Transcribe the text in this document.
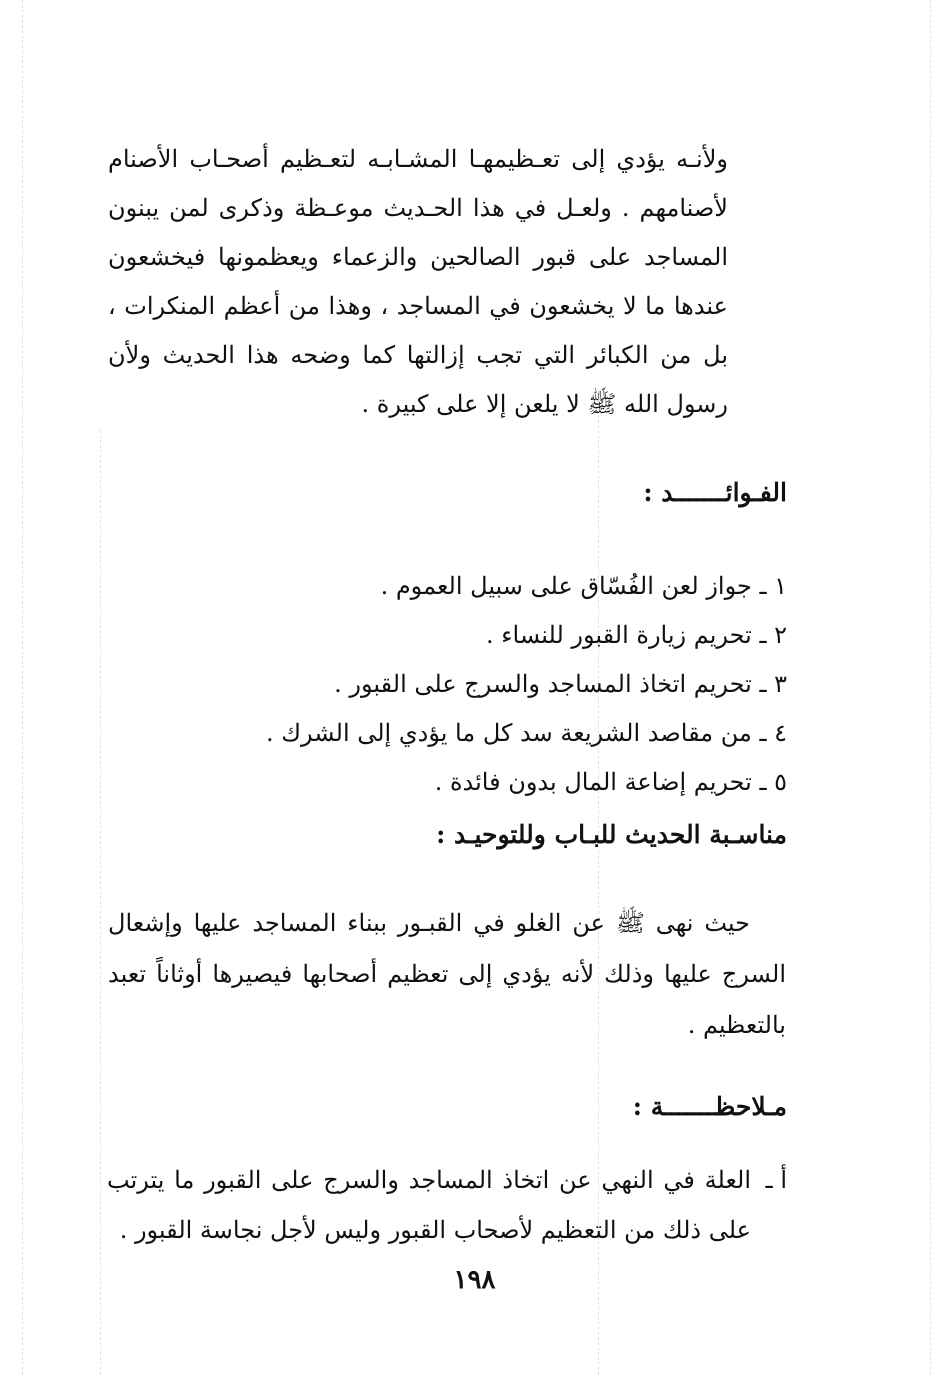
ولأنـه يؤدي إلى تعـظيمهـا المشـابـه لتعـظيم أصحـاب الأصنام لأصنامهم . ولعـل في هذا الحـديث موعـظة وذكرى لمن يبنون المساجد على قبور الصالحين والزعماء ويعظمونها فيخشعون عندها ما لا يخشعون في المساجد ، وهذا من أعظم المنكرات ، بل من الكبائر التي تجب إزالتها كما وضحه هذا الحديث ولأن رسول الله ﷺ لا يلعن إلا على كبيرة .

الفـوائـــــــد :
١ ـ جواز لعن الفُسّاق على سبيل العموم .
٢ ـ تحريم زيارة القبور للنساء .
٣ ـ تحريم اتخاذ المساجد والسرج على القبور .
٤ ـ من مقاصد الشريعة سد كل ما يؤدي إلى الشرك .
٥ ـ تحريم إضاعة المال بدون فائدة .
مناسـبة الحديث للبـاب وللتوحيـد :

حيث نهى ﷺ عن الغلو في القبـور ببناء المساجد عليها وإشعال السرج عليها وذلك لأنه يؤدي إلى تعظيم أصحابها فيصيرها أوثاناً تعبد بالتعظيم .

مـلاحظـــــــة :
أ ـ
العلة في النهي عن اتخاذ المساجد والسرج على القبور ما يترتب على ذلك من التعظيم لأصحاب القبور وليس لأجل نجاسة القبور .
١٩٨
